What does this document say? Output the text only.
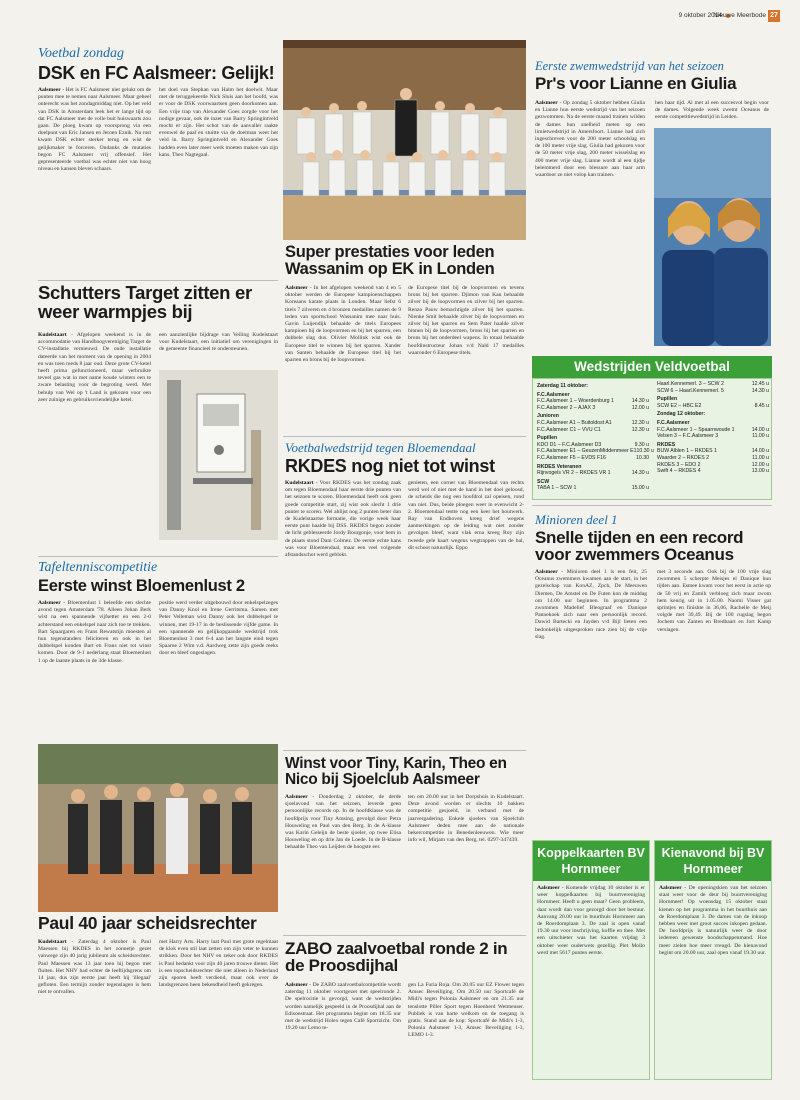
9 oktober 2014
Nieuwe Meerbode 27
Voetbal zondag
DSK en FC Aalsmeer: Gelijk!
Aalsmeer - Het is FC Aalsmeer niet gelukt om de punten mee te nemen naar Aalsmeer. Maar geheel onterecht was het zondagmiddag niet. Op het veld van DSK in Amsterdam leek het er lange tijd op dat FC Aalsmeer met de volle buit huiswaarts zou gaan. De ploeg kwam op voorsprong via een doelpunt van Eric Jansen en Jeroen Eznik. Na rust kwam DSK echter sterker terug en wist de gelijkmaker te forceren. Ondanks de mutaties begon FC Aalsmeer vrij offensief. Het gepresenteerde voetbal was echter niet van hoog niveau en kansen bleven schaars.
het doel van Stephan van Halm het doelwit. Maar met de teruggekeerde Nick Sluis aan het hoofd, was er voor de DSK voorwaartsen geen doorkomen aan. Een vrije trap van Alexander Goes zorgde voor het nodige gevaar, ook de inzet van Barry Springintveld mocht er zijn. Het schot van de aanvaller raakte evenwel de paal en stuitte via de doelman weer het veld in. Barry Springintveld en Alexander Goes hadden even later meer werk moeten maken van zijn kans. Theo Nagtegaal.
Super prestaties voor leden Wassanim op EK in Londen
Aalsmeer - In het afgelopen weekend van 4 en 5 oktober werden de Europese kampioenschappen Koreaans karate plaats in Londen. Maar liefst 6 titels 7 zilveren en 4 bronzen medailles namen de 9 leden van sportschool Wassanim mee naar huis. Gavin Luijendijk behaalde de titels Europees kampioen bij de loopvormen en bij het sparren, een dubbele slag dus. Olivier Mollink wist ook de Europese titel te winnen bij het sparren. Xander van Santen behaalde de Europese titel bij het sparren en brons bij de loopvormen.
de Europese titel bij de loopvormen en tevens brons bij het sparren. Djimon van Kan behaalde zilver bij de loopvormen en zilver bij het sparren. Renzo Pauw bemachtigde zilver bij het sparren. Nienke Smit behaalde zilver bij de loopvormen en zilver bij het sparren en Sem Pater haalde zilver binnen bij de loopvormen, brons bij het sparren en brons bij het onderdeel wapens. In totaal behaalde hoofdinstructeur Johan v/d Nald 17 medailles waaronder 6 Europese titels.
Eerste zwemwedstrijd van het seizoen
Pr's voor Lianne en Giulia
Aalsmeer - Op zondag 5 oktober hebben Giulia en Lianne hun eerste wedstrijd van het seizoen gezwommen. Na de eerste maand trainen wilden de dames hun snelheid meten op een limietwedstrijd in Amersfoort. Lianne had zich ingeschreven voor de 200 meter schoolslag en de 100 meter vrije slag. Giulia had gekozen voor de 50 meter vrije slag, 200 meter wisselslag en 400 meter vrije slag. Lianne wordt al een tijdje belemmerd door een blessure aan haar arm waardoor ze niet volop kan trainen.
hen haar tijd. Al met al een succesvol begin voor de dames. Volgende week zwemt Oceanus de eerste competitiewedstrijd in Leiden.
Schutters Target zitten er weer warmpjes bij
Kudelstaart - Afgelopen weekend is in de accommodatie van Handboogvereniging Target de CV-installatie vernieuwd. De oude installatie dateerde van het moment van de opening in 2004 en was toen reeds 8 jaar oud. Deze grote CV-ketel heeft prima gefunctioneerd, maar verbruikte teveel gas wat in met name koude winters een te zware belasting voor de begroting werd. Met behulp van Wel op 't Land is gekozen voor een zeer zuinige en gebruiksvriendelijke ketel.
een aanzienlijke bijdrage van Veiling Kudelstaart voor Kudelstaart, een initiatief om verenigingen in de gemeente financieel te ondersteunen.
Voetbalwedstrijd tegen Bloemendaal
RKDES nog niet tot winst
Kudelstaart - Voor RKDES was het zondag zaak om tegen Bloemendaal haar eerste drie punten van het seizoen te scoren. Bloemendaal heeft ook geen goede competitie start, zij wist ook slecht 1 drie punter te scoren. Wel ahlijst nog 2 punten beter dan de Kudelstaartse formatie, die vorige week haar eerste punt haalde bij DSS. RKDES begon zonder de licht geblesseerde Jordy Bourgonje, voor hem in de plaats stond Dani Colmez. De eerste echte kans was voor Bloemendaal, maar een veel volgende afstandsschot werd geblokt.
genieten, een corner van Bloemendaal van rechts werd wel of niet met de hand in het doel geloosd, de scheids die nog een hoofdrol zal opeisen, rond van niet. Dus, beide ploegen weer in evenwicht 2-2. Bloemendaal testte nog een keer het houtwerk. Ray van Endhoven kreeg drief wegens aanmerkingen op de leiding wat niet zonder gevolgen bleef, want vlak erna kreeg Roy zijn tweede gele kaart wegens wegtrappen van de bal, dit schoot natuurlijk. Eppo
Wedstrijden Veldvoetbal
Zaterdag 11 oktober:
F.C.Aalsmeer
F.C.Aalsmeer 1 – Woerdenburg 1	14.30 u
F.C.Aalsmeer 2 – AJAX 3	12.00 u
Junioren
F.C.Aalsmeer A1 – Buitoldost A1	12.30 u
F.C.Aalsmeer C1 – VVU C1	12.30 u
Pupillen
KDO D1 – F.C.Aalsmeer D3	9.30 u
F.C.Aalsmeer E1 – GeuzenMiddenmeer E1 10.30 u
F.C.Aalsmeer F5 – EVDS F16	10.30
RKDES Veteranen
Rijnvogels VR 2 – RKDES VR 1	14.30 u
SCW
TABA 1 – SCW 1	15.00 u
Haarl.Kennemerl. 3 – SCW 2	12.45 u
SCW 6 – Haarl.Kennemerl. 5	14.30 u
Pupillen
SCW E2 – HBC E2	8.45 u
Zondag 12 oktober:
F.C.Aalsmeer
F.C.Aalsmeer 1 – Spaarnwoude 1	14.00 u
Velsen 3 – F.C.Aalsmeer 3	11.00 u
RKDES
BUW Alblen 1 – RKDES 1	14.00 u
Waarder 2 – RKDES 2	11.00 u
RKDES 3 – EDO 2	12.00 u
Swift 4 – RKDES 4	13.00 u
Minioren deel 1
Snelle tijden en een record voor zwemmers Oceanus
Aalsmeer - Minioren deel 1 is een feit, 25 Oceanus zwemmers kwamen aan de start, in het gezelschap van KonAZ, Zpch, De Meeuwen Diemen, De Amstel en De Futen kon de middag om 14.00 uur beginnen. In programma 2 zwommen Madelief Bleograaf en Danique Pannekoek zich naar een persoonlijk record. Dawid Bartecki en Jayden v/d Bijl lieten een bedonkelijk uitgesproken race zien bij de vrije slag.
met 3 seconde aan. Ook bij de 100 vrije slag zwommen 5 scherpte Meisjes el Danique hun tijden aan. Esmee kwam voor het eerst in actie op de 50 vrij en Zamih verbloeg zich maar zwom hem keurig uit in 1.05.00. Naomi Visser gat sprintjes en finishte in 36,06, Rachelle de Meij volgde met 39,49. Bij de 100 rugslag begon Jochem van Zanten en Bredbaart en Jort Kamp verslagen.
Tafeltenniscompetitie
Eerste winst Bloemenlust 2
Aalsmeer - Bloemenlust 1 beleefde een slechte avond tegen Amsterdam '78. Alleen Johan Berk wist na een spannende vijfsetter en een 2-0 achterstand een enkelspel naar zich toe te trekken. Bart Spaargaren en Frans Rewatstijn moesten al hun tegenstanders feliciteren en ook in het dubbelspel konden Bart en Frans niet tot winst komen. Door de 9-1 nederlang staat Bloemenlust 1 op de laatste plaats in de 3de klasse.
positie werd verder uitgebouwd door enkelspelzeges van Danny Knol en Irene Gerritsma. Samen met Peter Velleman wist Danny ook het dubbelspel te winnen, met 19-17 in de beslissende vijfde game. In een spannende en gelijkopgaande wedstrijd trok Bloemenlust 3 met 6-4 aan het langste eind tegen Spaarne 2 Wim v.d. Aardweg zette zijn goede reeks door en bleef ongeslagen.
Winst voor Tiny, Karin, Theo en Nico bij Sjoelclub Aalsmeer
Aalsmeer - Donderdag 2 oktober, de derde sjoelavond van het seizoen, leverde geen persoonlijke records op. In de hoofdklasse was de hoofdprijs voor Tiny Amsing, gevolgd door Petra Houweling en Paul van den Berg. In de A-klasse was Karin Geleijn de beste sjoeler, op twee Elisa Houweling en op drie Jan de Loede. In de B-klasse behaalde Theo van Leijden de hoogste eer.
ten om 20.00 uur in het Dorpshuis in Kudelstaart. Deze avond worden er slechts 10 bakken competitie gesjoeld, in verband met de jaarvergadering. Enkele sjoelers van Sjoelclub Aalsmeer deden mee aan de nationale bekercompetitie in Benedenleeuwen. Wie meer info wil, Mirjam van den Berg, tel. 0297-347439.
Paul 40 jaar scheidsrechter
Kudelstaart - Zaterdag 4 oktober is Paul Maessen bij RKDES in het zonnetje gezet vanwege zijn 40 jarig jubileum als scheidsrechter. Paul Maessen was 13 jaar toen hij begon met fluiten. Het NHV had echter de leeftijdsgrens om 14 jaar, dus zijn eerste jaar heeft hij 'illegaal' gefloten. Een termijn zonder tegenslagen is hem niet te ontvallen.
met Harry Arts. Harry laat Paul met grote regelmaat de klok even stil laat zetten om zijn veter te kunnen strikken. Door het NHV en zeker ook door RKDES is Paul bedankt voor zijn 40 jaren trouwe dienst. Het is een topscheidsrechter die niet alleen in Nederland zijn sporen heeft verdiend, maar ook over de landsgrenzen heen bekendheid heeft gekregen.
ZABO zaalvoetbal ronde 2 in de Proosdijhal
Aalsmeer - De ZABO zaalvoetbalcompetitie wordt zaterdag 11 oktober voortgezet met speelronde 2. De spelrocitie is gevorgd, want de wedstrijden worden namelijk gespeeld in de Proosdijhal aan de Edisonstraat. Het programma begint om 18.35 uur met de wedstrijd Holex tegen Café Sportzicht. Om 19.20 uur Lemo te-
gen La Furia Roja. Om 20.05 uur EZ Flower tegen Amsec Beveiliging. Om 20.50 uur Sportcafé de Midi's tegen Polonia Aalsmeer en om 21.35 uur tenslotte Piller Sport tegen Hoenherd Wetmeuser. Publiek is van harte welkom en de toegang is gratis. Stand aan de kop: Sportcafé de Midi's 1-3, Polonia Aalsmeer 1-3, Amsec Beveiliging 1-3, LEMO 1-3.
Koppelkaarten BV Hornmeer
Aalsmeer - Komende vrijdag 10 oktober is er weer koppelkaarten bij buurtvereniging Hornmeer. Heeft u geen maat? Geen probleem, daar wordt dan voor gezorgd door het bestuur. Aanvang 20.00 uur in buurthuis Hornmeer aan de Roerdomplaan 3. De zaal is open vanaf 19.30 uur voor inschrijving, koffie en thee. Met een uitschieter was het kaarten vrijdag 3 oktober weer ouderwets gezellig. Piet Mollo werd met 5617 punten eerste.
Kienavond bij BV Hornmeer
Aalsmeer - De openingskien van het seizoen staat weer voor de deur bij buurtvereniging Hornmeer! Op woensdag 15 oktober staat kienen op het programma in het buurthuis aan de Roerdomplaan 3. De dames van de inkoop hebben weer met groot succes inkopen gedaan. De hoofdprijs is natuurlijk weer de door iedereen gewenste boodschappenmand. Hoe meer zielen hoe meer vreugd. De kienavond begint om 20.00 uur, zaal open vanaf 19.30 uur.
